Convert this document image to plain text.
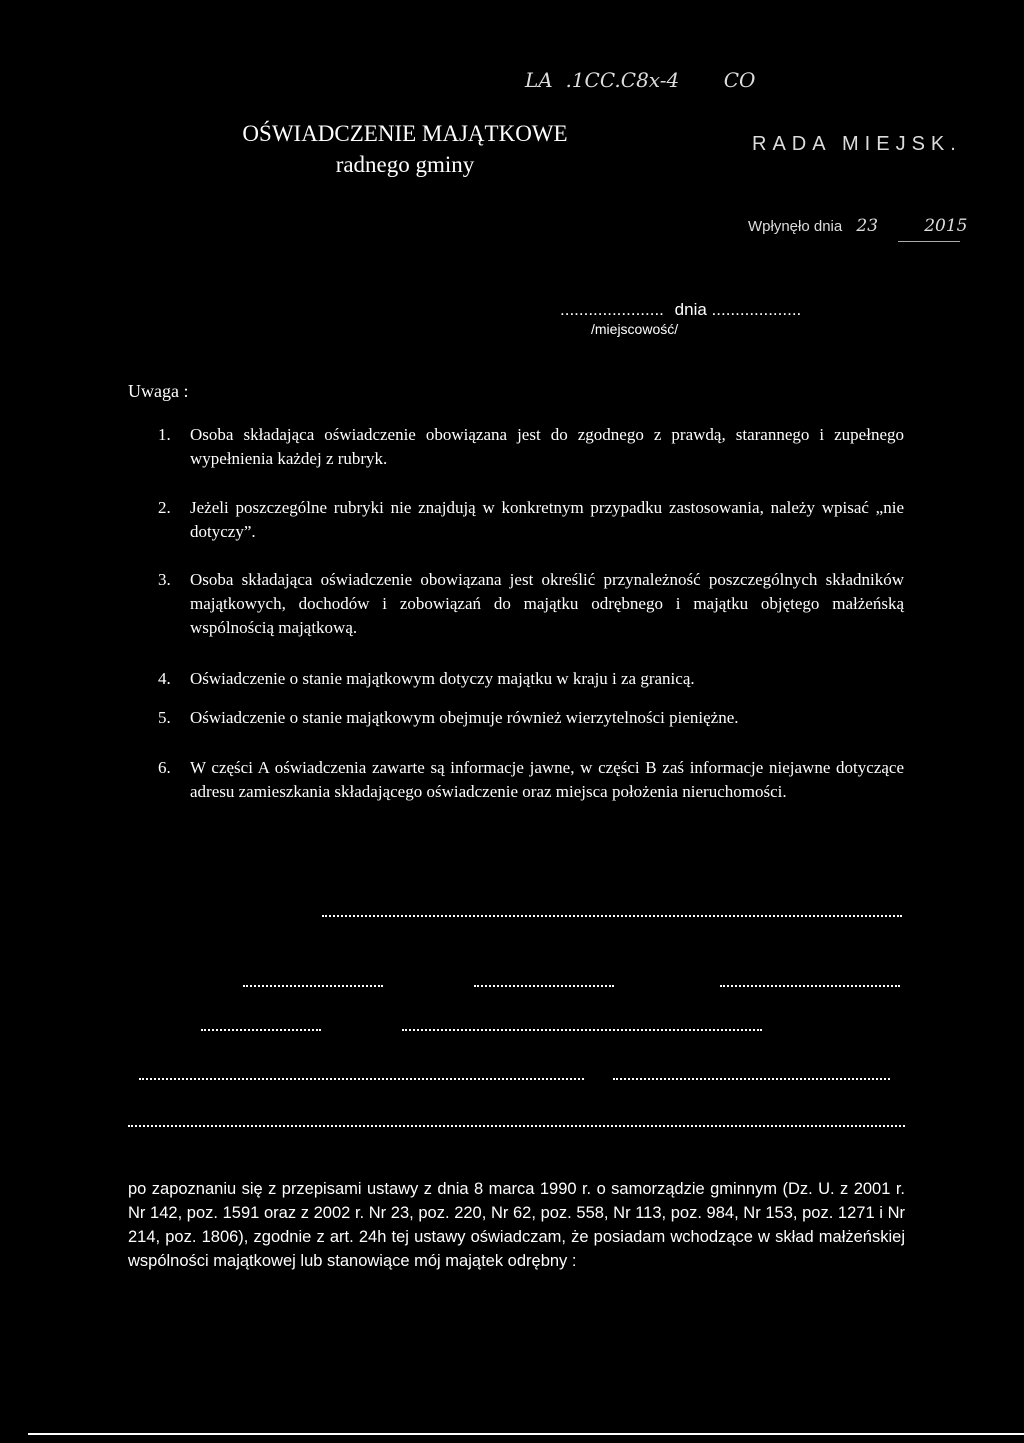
LA  .1CC.C8x-4       CO
OŚWIADCZENIE MAJĄTKOWE
radnego gminy
RADA MIEJSK.
Wpłynęło dnia 23	2015
...................... dnia ...................
/miejscowość/
Uwaga :
1. Osoba składająca oświadczenie obowiązana jest do zgodnego z prawdą, starannego i zupełnego wypełnienia każdej z rubryk.
2. Jeżeli poszczególne rubryki nie znajdują w konkretnym przypadku zastosowania, należy wpisać „nie dotyczy”.
3. Osoba składająca oświadczenie obowiązana jest określić przynależność poszczególnych składników majątkowych, dochodów i zobowiązań do majątku odrębnego i majątku objętego małżeńską wspólnością majątkową.
4. Oświadczenie o stanie majątkowym dotyczy majątku w kraju i za granicą.
5. Oświadczenie o stanie majątkowym obejmuje również wierzytelności pieniężne.
6. W części A oświadczenia zawarte są informacje jawne, w części B zaś informacje niejawne dotyczące adresu zamieszkania składającego oświadczenie oraz miejsca położenia nieruchomości.
po zapoznaniu się z przepisami ustawy z dnia 8 marca 1990 r. o samorządzie gminnym (Dz. U. z 2001 r. Nr 142, poz. 1591 oraz z 2002 r. Nr 23, poz. 220, Nr 62, poz. 558, Nr 113, poz. 984, Nr 153, poz. 1271 i Nr 214, poz. 1806), zgodnie z art. 24h tej ustawy oświadczam, że posiadam wchodzące w skład małżeńskiej wspólności majątkowej lub stanowiące mój majątek odrębny :
